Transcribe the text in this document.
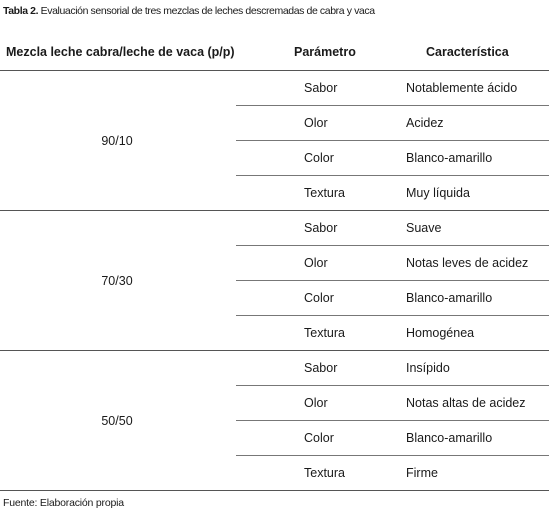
Tabla 2. Evaluación sensorial de tres mezclas de leches descremadas de cabra y vaca
Mezcla leche cabra/leche de vaca (p/p)	Parámetro	Característica
90/10	Sabor	Notablemente ácido
	Olor	Acidez
	Color	Blanco-amarillo
	Textura	Muy líquida
70/30	Sabor	Suave
	Olor	Notas leves de acidez
	Color	Blanco-amarillo
	Textura	Homogénea
50/50	Sabor	Insípido
	Olor	Notas altas de acidez
	Color	Blanco-amarillo
	Textura	Firme
Fuente: Elaboración propia
